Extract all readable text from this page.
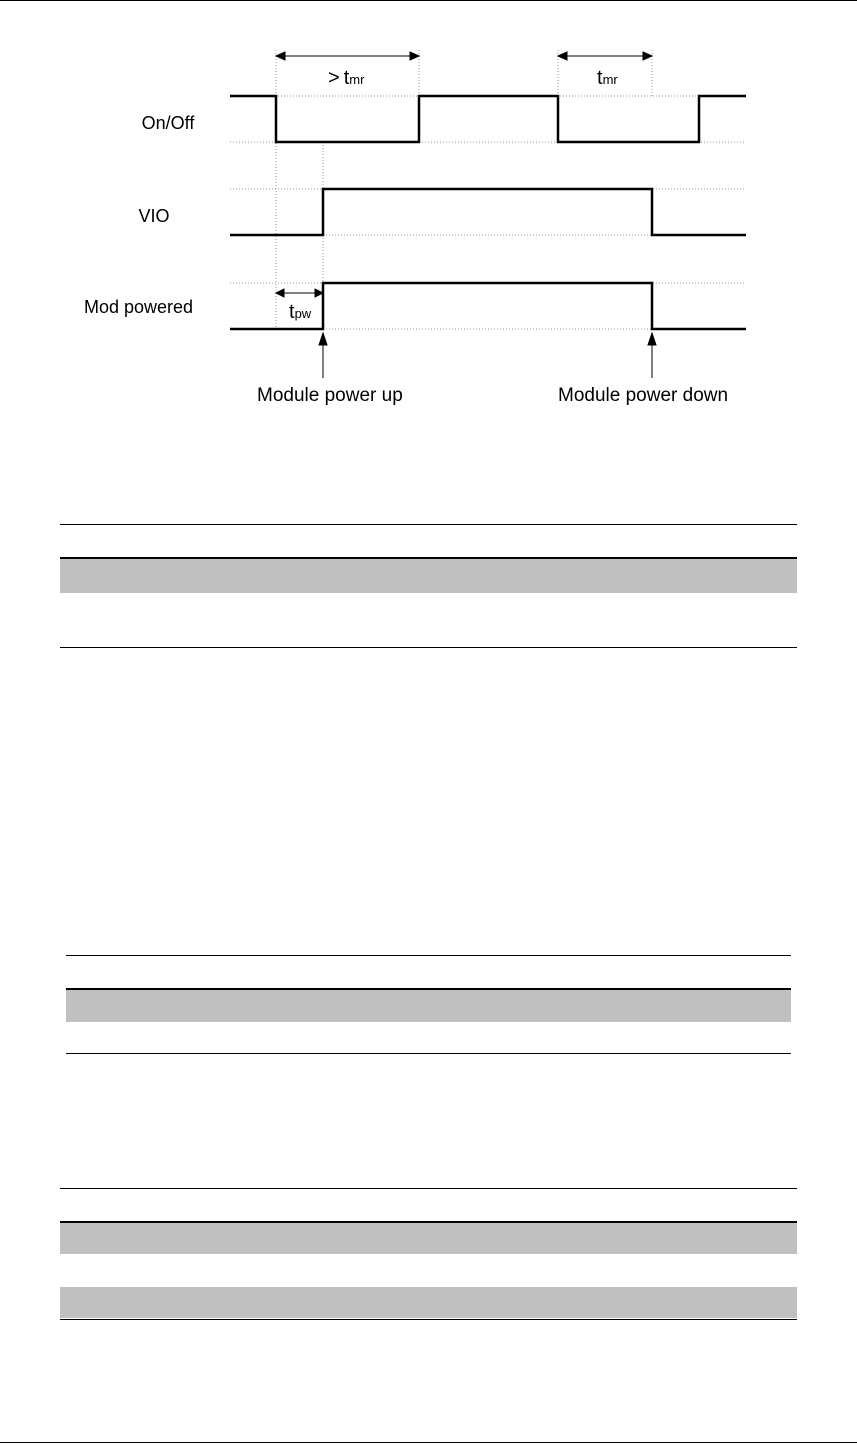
On/Off
VIO
Mod powered
> tmr	tmr
tpw
Module power up	Module power down
